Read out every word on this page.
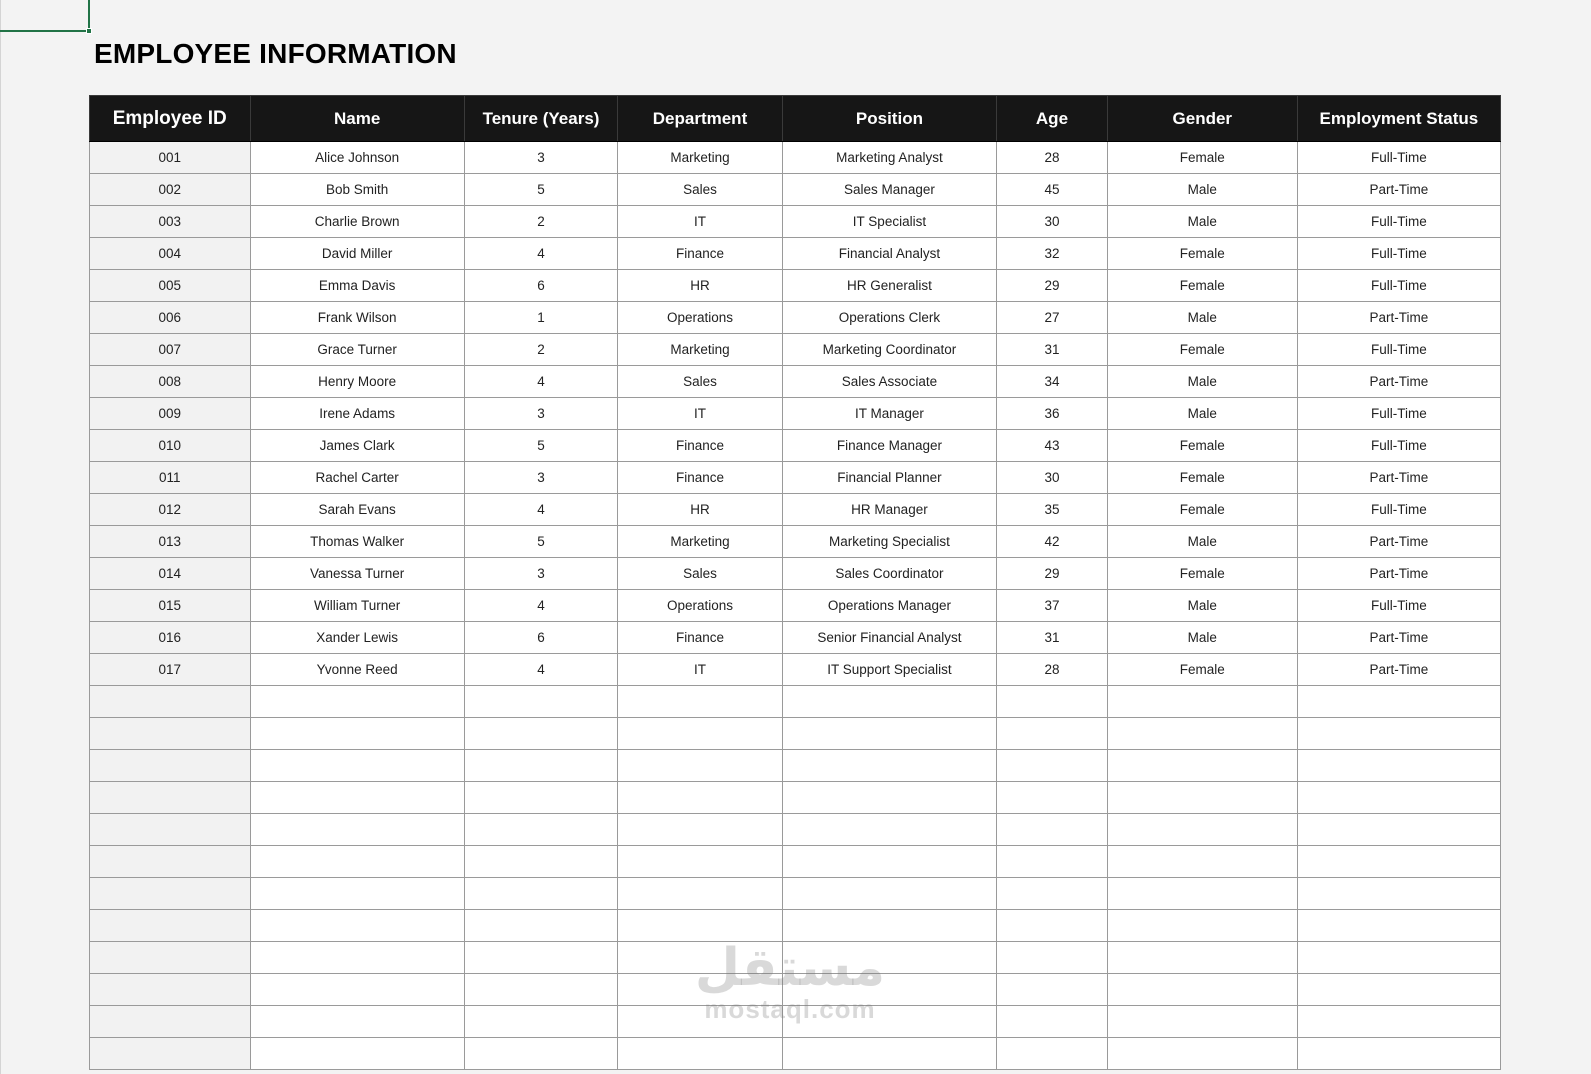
EMPLOYEE INFORMATION
Employee ID	Name	Tenure (Years)	Department	Position	Age	Gender	Employment Status
001	Alice Johnson	3	Marketing	Marketing Analyst	28	Female	Full-Time
002	Bob Smith	5	Sales	Sales Manager	45	Male	Part-Time
003	Charlie Brown	2	IT	IT Specialist	30	Male	Full-Time
004	David Miller	4	Finance	Financial Analyst	32	Female	Full-Time
005	Emma Davis	6	HR	HR Generalist	29	Female	Full-Time
006	Frank Wilson	1	Operations	Operations Clerk	27	Male	Part-Time
007	Grace Turner	2	Marketing	Marketing Coordinator	31	Female	Full-Time
008	Henry Moore	4	Sales	Sales Associate	34	Male	Part-Time
009	Irene Adams	3	IT	IT Manager	36	Male	Full-Time
010	James Clark	5	Finance	Finance Manager	43	Female	Full-Time
011	Rachel Carter	3	Finance	Financial Planner	30	Female	Part-Time
012	Sarah Evans	4	HR	HR Manager	35	Female	Full-Time
013	Thomas Walker	5	Marketing	Marketing Specialist	42	Male	Part-Time
014	Vanessa Turner	3	Sales	Sales Coordinator	29	Female	Part-Time
015	William Turner	4	Operations	Operations Manager	37	Male	Full-Time
016	Xander Lewis	6	Finance	Senior Financial Analyst	31	Male	Part-Time
017	Yvonne Reed	4	IT	IT Support Specialist	28	Female	Part-Time

مستقل
mostaql.com
